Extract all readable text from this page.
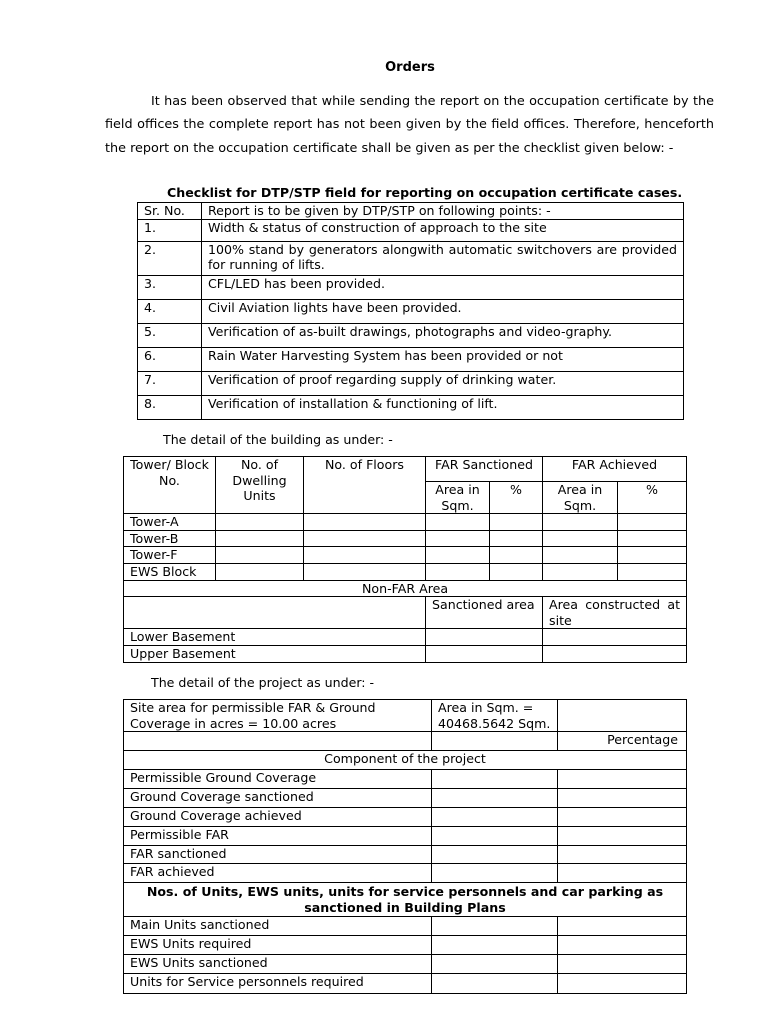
Orders

It has been observed that while sending the report on the occupation certificate by the field offices the complete report has not been given by the field offices. Therefore, henceforth the report on the occupation certificate shall be given as per the checklist given below: -

Checklist for DTP/STP field for reporting on occupation certificate cases.
Sr. No.	Report is to be given by DTP/STP on following points: -
1.	Width & status of construction of approach to the site
2.	100% stand by generators alongwith automatic switchovers are provided for running of lifts.
3.	CFL/LED has been provided.
4.	Civil Aviation lights have been provided.
5.	Verification of as-built drawings, photographs and video-graphy.
6.	Rain Water Harvesting System has been provided or not
7.	Verification of proof regarding supply of drinking water.
8.	Verification of installation & functioning of lift.
The detail of the building as under: -
Tower/ Block No.	No. of Dwelling Units	No. of Floors	FAR Sanctioned		FAR Achieved	
			Area in Sqm.	%	Area in Sqm.	%
Tower-A						
Tower-B						
Tower-F						
EWS Block						
Non-FAR Area						
			Sanctioned area		Area constructed at site	
Lower Basement						
Upper Basement						
The detail of the project as under: -
Site area for permissible FAR & Ground Coverage in acres = 10.00 acres	Area in Sqm. = 40468.5642 Sqm.	
		Percentage
Component of the project		
Permissible Ground Coverage		
Ground Coverage sanctioned		
Ground Coverage achieved		
Permissible FAR		
FAR sanctioned		
FAR achieved		
Nos. of Units, EWS units, units for service personnels and car parking as sanctioned in Building Plans		
Main Units sanctioned		
EWS Units required		
EWS Units sanctioned		
Units for Service personnels required		
